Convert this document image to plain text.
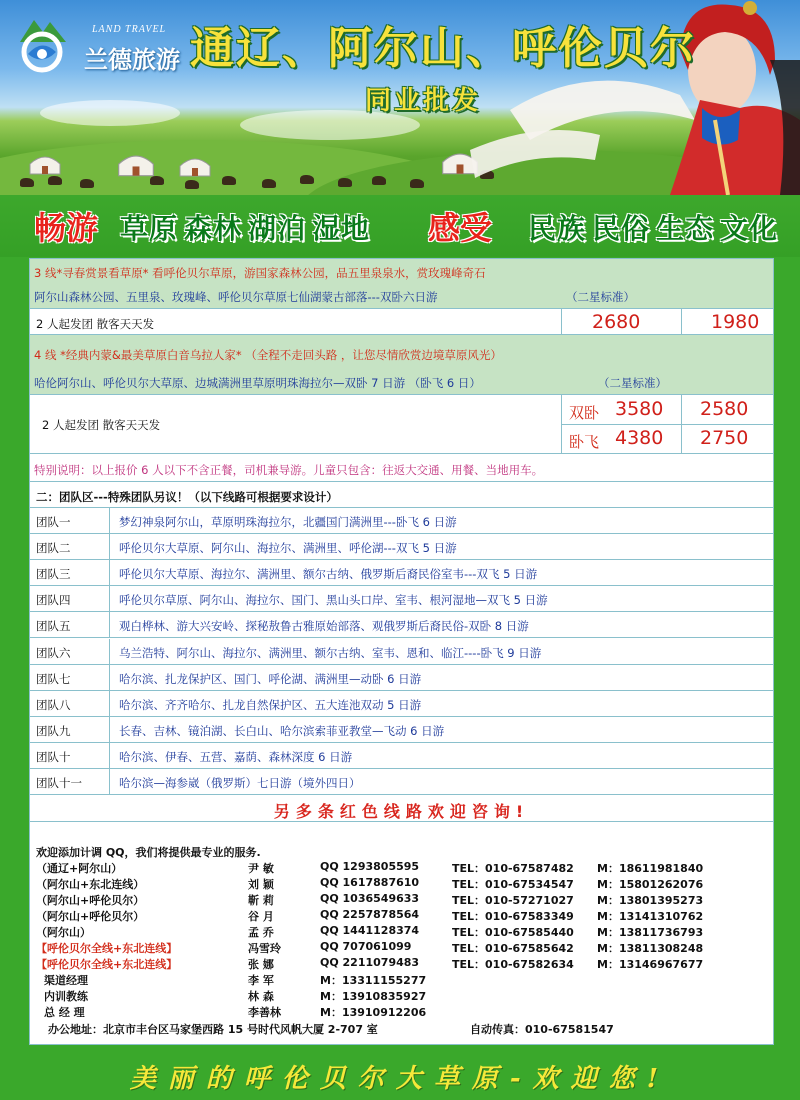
LAND TRAVEL
兰德旅游 通辽、阿尔山、呼伦贝尔
同业批发
畅游 草原 森林 湖泊 湿地 感受 民族 民俗 生态 文化
3 线*寻春赏景看草原* 看呼伦贝尔草原，游国家森林公园，品五里泉泉水，赏玫瑰峰奇石
阿尔山森林公园、五里泉、玫瑰峰、呼伦贝尔草原七仙湖蒙古部落---双卧六日游	（二星标准）
2 人起发团 散客天天发	2680	1980
4 线 *经典内蒙&最美草原白音乌拉人家* （全程不走回头路 ，让您尽情欣赏边境草原风光）
哈伦阿尔山、呼伦贝尔大草原、边城满洲里草原明珠海拉尔—双卧 7 日游 （卧飞 6 日）	（二星标准）
2 人起发团 散客天天发
双卧 3580 2580
卧飞 4380 2750
特别说明：以上报价 6 人以下不含正餐，司机兼导游。儿童只包含：往返大交通、用餐、当地用车。
二：团队区---特殊团队另议！（以下线路可根据要求设计）
团队一	梦幻神泉阿尔山，草原明珠海拉尔，北疆国门满洲里---卧飞 6 日游
团队二	呼伦贝尔大草原、阿尔山、海拉尔、满洲里、呼伦湖---双飞 5 日游
团队三	呼伦贝尔大草原、海拉尔、满洲里、额尔古纳、俄罗斯后裔民俗室韦---双飞 5 日游
团队四	呼伦贝尔草原、阿尔山、海拉尔、国门、黑山头口岸、室韦、根河湿地—双飞 5 日游
团队五	观白桦林、游大兴安岭、探秘敖鲁古雅原始部落、观俄罗斯后裔民俗-双卧 8 日游
团队六	乌兰浩特、阿尔山、海拉尔、满洲里、额尔古纳、室韦、恩和、临江----卧飞 9 日游
团队七	哈尔滨、扎龙保护区、国门、呼伦湖、满洲里—动卧 6 日游
团队八	哈尔滨、齐齐哈尔、扎龙自然保护区、五大连池双动 5 日游
团队九	长春、吉林、镜泊湖、长白山、哈尔滨索菲亚教堂—飞动 6 日游
团队十	哈尔滨、伊春、五营、嘉荫、森林深度 6 日游
团队十一	哈尔滨—海参崴（俄罗斯）七日游（境外四日）
另多条红色线路欢迎咨询!
欢迎添加计调 QQ，我们将提供最专业的服务.
（通辽+阿尔山）	尹 敏	QQ 1293805595	TEL：010-67587482 M：18611981840
（阿尔山+东北连线）	刘 颖	QQ 1617887610	TEL：010-67534547 M：15801262076
（阿尔山+呼伦贝尔）	靳 莉	QQ 1036549633	TEL：010-57271027 M：13801395273
（阿尔山+呼伦贝尔）	谷 月	QQ 2257878564	TEL：010-67583349 M：13141310762
（阿尔山）	孟 乔	QQ 1441128374	TEL：010-67585440 M：13811736793
【呼伦贝尔全线+东北连线】	冯雪玲	QQ 707061099	TEL：010-67585642 M：13811308248
【呼伦贝尔全线+东北连线】	张 娜	QQ 2211079483	TEL：010-67582634 M：13146967677
渠道经理	李 军	M：13311155277
内训教练	林 森	M：13910835927
总 经 理	李善林	M：13910912206
办公地址：北京市丰台区马家堡西路 15 号时代风帆大厦 2-707 室	自动传真：010-67581547
美丽的呼伦贝尔大草原-欢迎您!
